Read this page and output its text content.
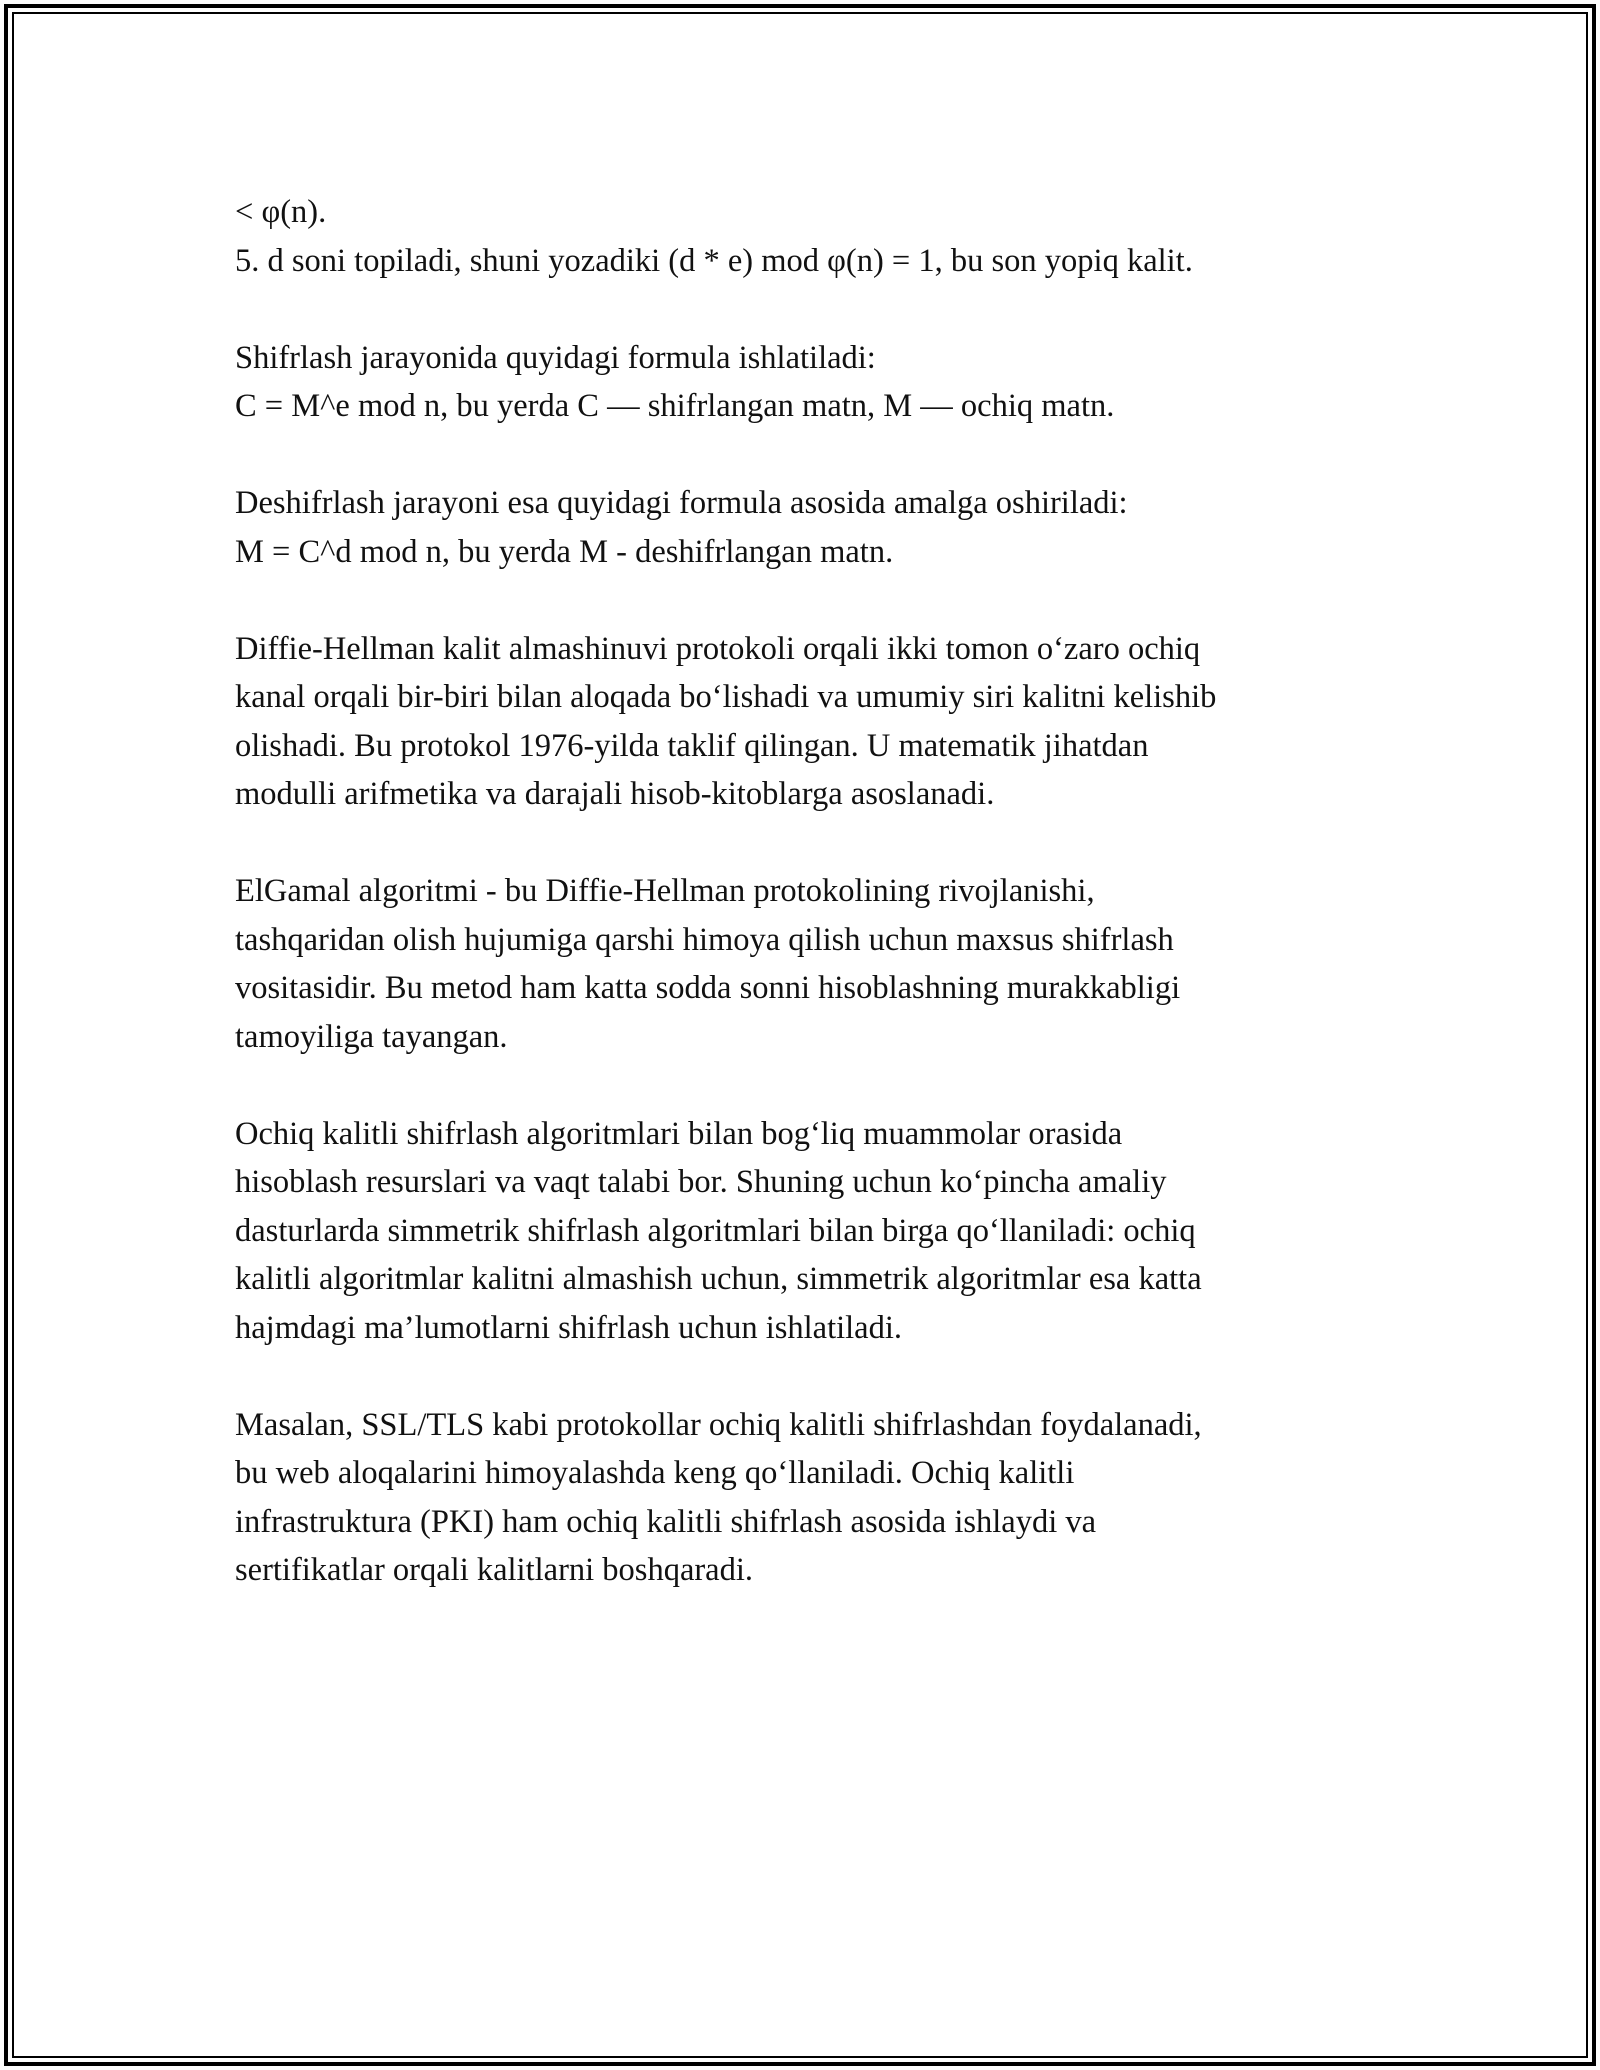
< φ(n).
5. d soni topiladi, shuni yozadiki (d * e) mod φ(n) = 1, bu son yopiq kalit.
Shifrlash jarayonida quyidagi formula ishlatiladi:
C = M^e mod n, bu yerda C — shifrlangan matn, M — ochiq matn.
Deshifrlash jarayoni esa quyidagi formula asosida amalga oshiriladi:
M = C^d mod n, bu yerda M - deshifrlangan matn.
Diffie-Hellman kalit almashinuvi protokoli orqali ikki tomon o‘zaro ochiq
kanal orqali bir-biri bilan aloqada bo‘lishadi va umumiy siri kalitni kelishib
olishadi. Bu protokol 1976-yilda taklif qilingan. U matematik jihatdan
modulli arifmetika va darajali hisob-kitoblarga asoslanadi.
ElGamal algoritmi - bu Diffie-Hellman protokolining rivojlanishi,
tashqaridan olish hujumiga qarshi himoya qilish uchun maxsus shifrlash
vositasidir. Bu metod ham katta sodda sonni hisoblashning murakkabligi
tamoyiliga tayangan.
Ochiq kalitli shifrlash algoritmlari bilan bog‘liq muammolar orasida
hisoblash resurslari va vaqt talabi bor. Shuning uchun ko‘pincha amaliy
dasturlarda simmetrik shifrlash algoritmlari bilan birga qo‘llaniladi: ochiq
kalitli algoritmlar kalitni almashish uchun, simmetrik algoritmlar esa katta
hajmdagi ma’lumotlarni shifrlash uchun ishlatiladi.
Masalan, SSL/TLS kabi protokollar ochiq kalitli shifrlashdan foydalanadi,
bu web aloqalarini himoyalashda keng qo‘llaniladi. Ochiq kalitli
infrastruktura (PKI) ham ochiq kalitli shifrlash asosida ishlaydi va
sertifikatlar orqali kalitlarni boshqaradi.
